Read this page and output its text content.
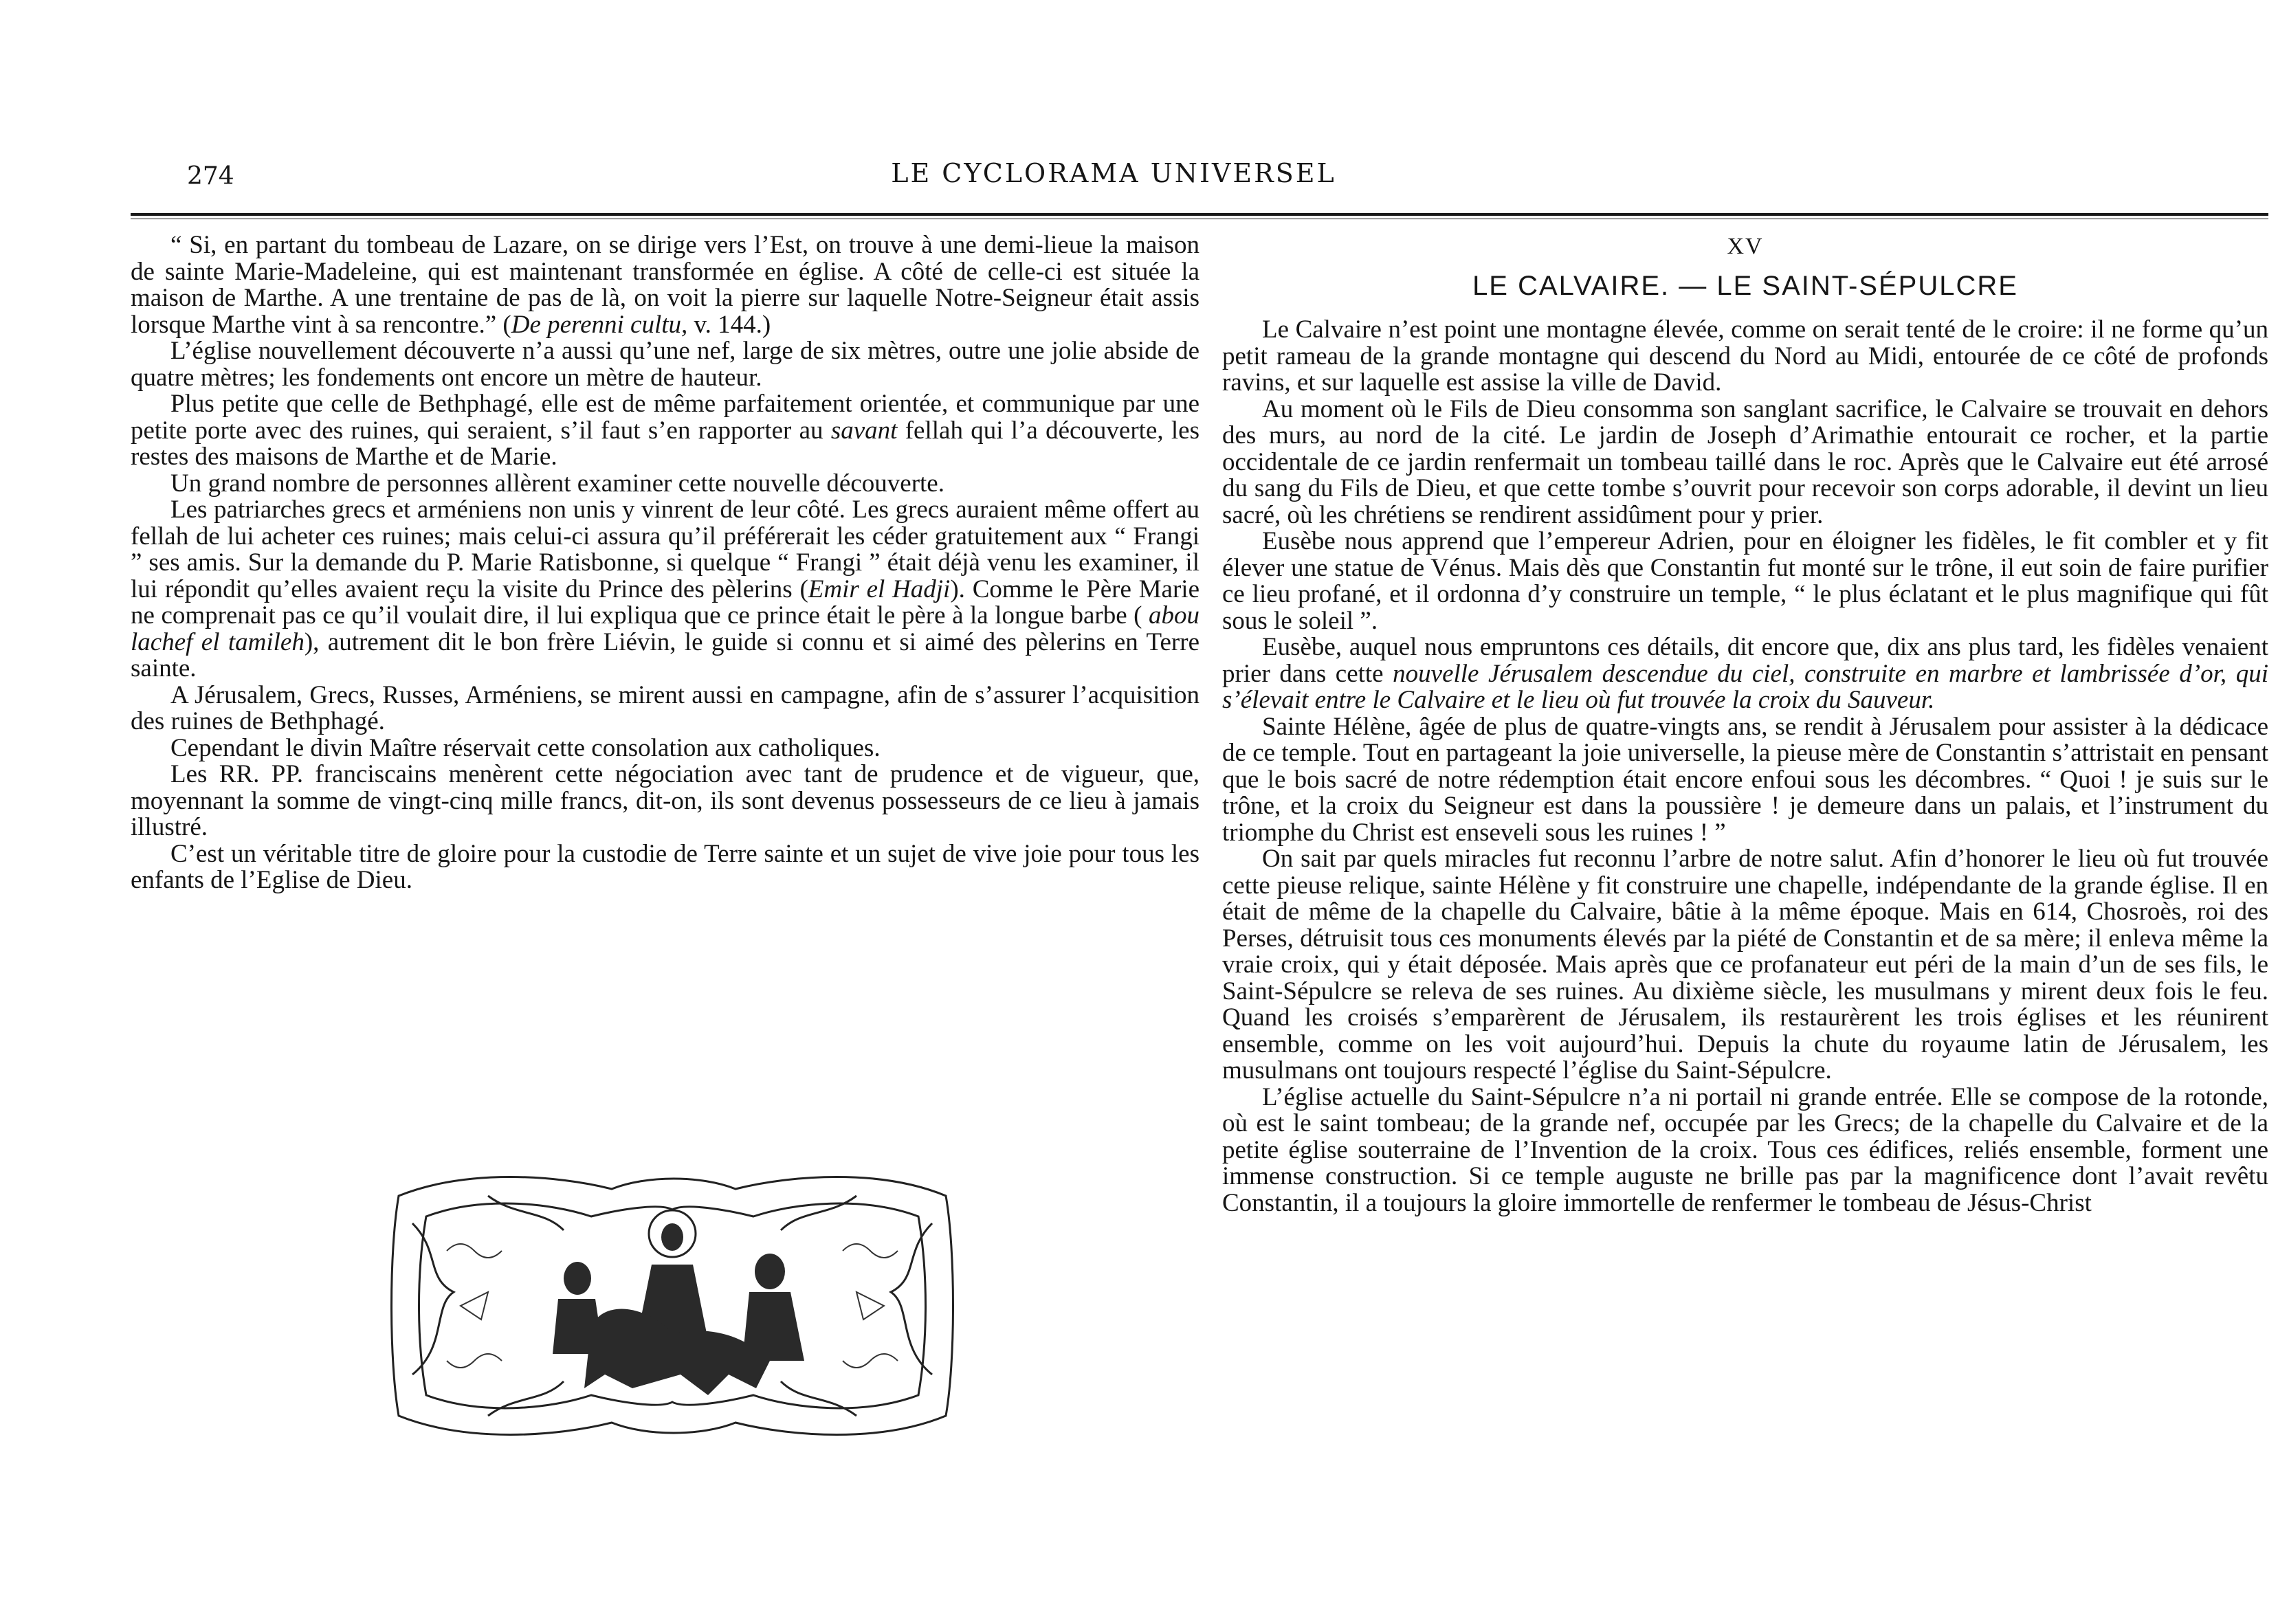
274	LE CYCLORAMA UNIVERSEL

“ Si, en partant du tombeau de Lazare, on se dirige vers l’Est, on trouve à une demi-lieue la maison de sainte Marie-Madeleine, qui est maintenant transformée en église. A côté de celle-ci est située la maison de Marthe. A une trentaine de pas de là, on voit la pierre sur laquelle Notre-Seigneur était assis lorsque Marthe vint à sa rencontre.” (De perenni cultu, v. 144.)

L’église nouvellement découverte n’a aussi qu’une nef, large de six mètres, outre une jolie abside de quatre mètres; les fondements ont encore un mètre de hauteur.

Plus petite que celle de Bethphagé, elle est de même parfaitement orientée, et communique par une petite porte avec des ruines, qui seraient, s’il faut s’en rapporter au savant fellah qui l’a découverte, les restes des maisons de Marthe et de Marie.

Un grand nombre de personnes allèrent examiner cette nouvelle découverte.

Les patriarches grecs et arméniens non unis y vinrent de leur côté. Les grecs auraient même offert au fellah de lui acheter ces ruines; mais celui-ci assura qu’il préférerait les céder gratuitement aux “ Frangi ” ses amis. Sur la demande du P. Marie Ratisbonne, si quelque “ Frangi ” était déjà venu les examiner, il lui répondit qu’elles avaient reçu la visite du Prince des pèlerins (Emir el Hadji). Comme le Père Marie ne comprenait pas ce qu’il voulait dire, il lui expliqua que ce prince était le père à la longue barbe ( abou lachef el tamileh), autrement dit le bon frère Liévin, le guide si connu et si aimé des pèlerins en Terre sainte.

A Jérusalem, Grecs, Russes, Arméniens, se mirent aussi en campagne, afin de s’assurer l’acquisition des ruines de Bethphagé.

Cependant le divin Maître réservait cette consolation aux catholiques.

Les RR. PP. franciscains menèrent cette négociation avec tant de prudence et de vigueur, que, moyennant la somme de vingt-cinq mille francs, dit-on, ils sont devenus possesseurs de ce lieu à jamais illustré.

C’est un véritable titre de gloire pour la custodie de Terre sainte et un sujet de vive joie pour tous les enfants de l’Eglise de Dieu.

XV
LE CALVAIRE. — LE SAINT-SÉPULCRE

Le Calvaire n’est point une montagne élevée, comme on serait tenté de le croire: il ne forme qu’un petit rameau de la grande montagne qui descend du Nord au Midi, entourée de ce côté de profonds ravins, et sur laquelle est assise la ville de David.

Au moment où le Fils de Dieu consomma son sanglant sacrifice, le Calvaire se trouvait en dehors des murs, au nord de la cité. Le jardin de Joseph d’Arimathie entourait ce rocher, et la partie occidentale de ce jardin renfermait un tombeau taillé dans le roc. Après que le Calvaire eut été arrosé du sang du Fils de Dieu, et que cette tombe s’ouvrit pour recevoir son corps adorable, il devint un lieu sacré, où les chrétiens se rendirent assidûment pour y prier.

Eusèbe nous apprend que l’empereur Adrien, pour en éloigner les fidèles, le fit combler et y fit élever une statue de Vénus. Mais dès que Constantin fut monté sur le trône, il eut soin de faire purifier ce lieu profané, et il ordonna d’y construire un temple, “ le plus éclatant et le plus magnifique qui fût sous le soleil ”.

Eusèbe, auquel nous empruntons ces détails, dit encore que, dix ans plus tard, les fidèles venaient prier dans cette nouvelle Jérusalem descendue du ciel, construite en marbre et lambrissée d’or, qui s’élevait entre le Calvaire et le lieu où fut trouvée la croix du Sauveur.

Sainte Hélène, âgée de plus de quatre-vingts ans, se rendit à Jérusalem pour assister à la dédicace de ce temple. Tout en partageant la joie universelle, la pieuse mère de Constantin s’attristait en pensant que le bois sacré de notre rédemption était encore enfoui sous les décombres. “ Quoi ! je suis sur le trône, et la croix du Seigneur est dans la poussière ! je demeure dans un palais, et l’instrument du triomphe du Christ est enseveli sous les ruines ! ”

On sait par quels miracles fut reconnu l’arbre de notre salut. Afin d’honorer le lieu où fut trouvée cette pieuse relique, sainte Hélène y fit construire une chapelle, indépendante de la grande église. Il en était de même de la chapelle du Calvaire, bâtie à la même époque. Mais en 614, Chosroès, roi des Perses, détruisit tous ces monuments élevés par la piété de Constantin et de sa mère; il enleva même la vraie croix, qui y était déposée. Mais après que ce profanateur eut péri de la main d’un de ses fils, le Saint-Sépulcre se releva de ses ruines. Au dixième siècle, les musulmans y mirent deux fois le feu. Quand les croisés s’emparèrent de Jérusalem, ils restaurèrent les trois églises et les réunirent ensemble, comme on les voit aujourd’hui. Depuis la chute du royaume latin de Jérusalem, les musulmans ont toujours respecté l’église du Saint-Sépulcre.

L’église actuelle du Saint-Sépulcre n’a ni portail ni grande entrée. Elle se compose de la rotonde, où est le saint tombeau; de la grande nef, occupée par les Grecs; de la chapelle du Calvaire et de la petite église souterraine de l’Invention de la croix. Tous ces édifices, reliés ensemble, forment une immense construction. Si ce temple auguste ne brille pas par la magnificence dont l’avait revêtu Constantin, il a toujours la gloire immortelle de renfermer le tombeau de Jésus-Christ
